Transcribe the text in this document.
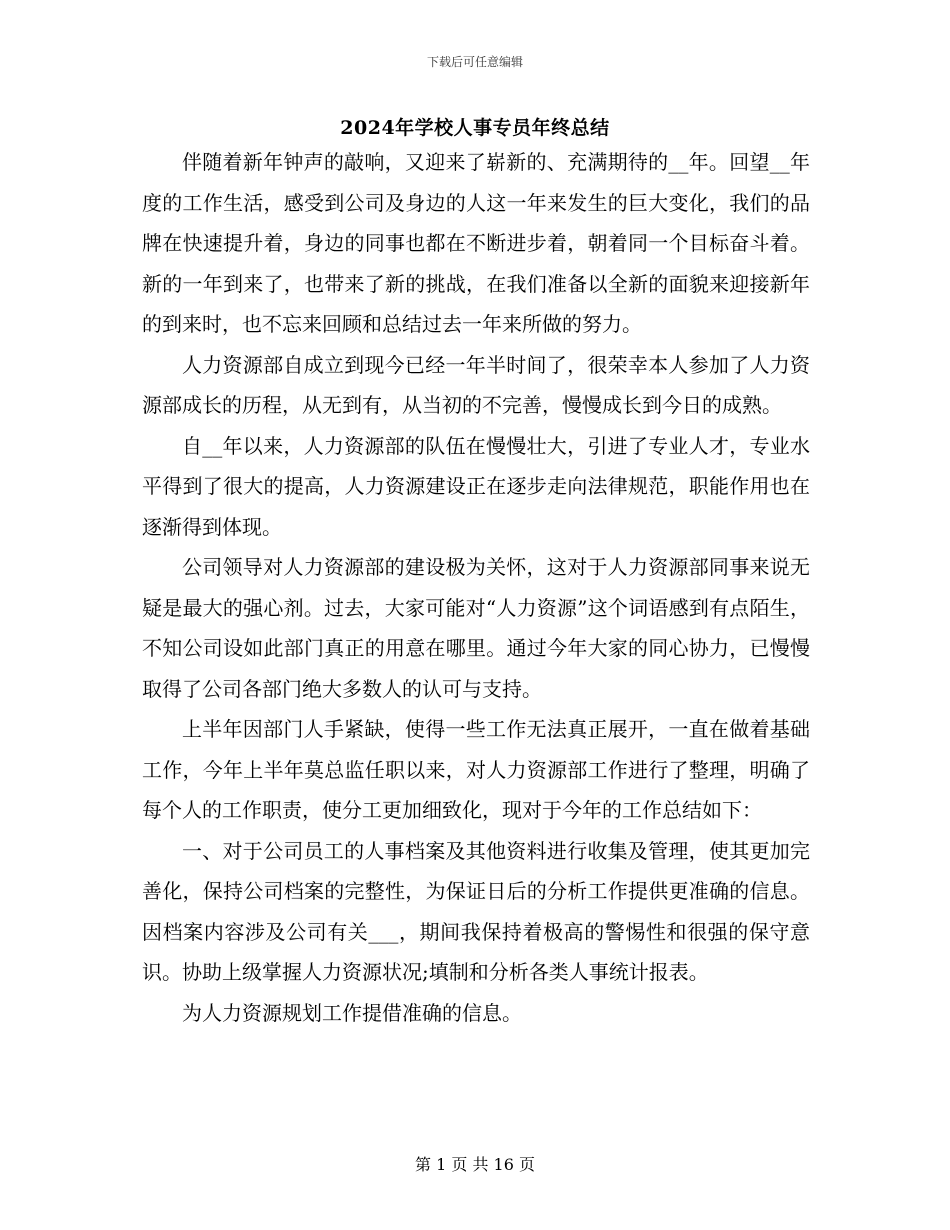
下载后可任意编辑
2024年学校人事专员年终总结

伴随着新年钟声的敲响，又迎来了崭新的、充满期待的__年。回望__年度的工作生活，感受到公司及身边的人这一年来发生的巨大变化，我们的品牌在快速提升着，身边的同事也都在不断进步着，朝着同一个目标奋斗着。新的一年到来了，也带来了新的挑战，在我们准备以全新的面貌来迎接新年的到来时，也不忘来回顾和总结过去一年来所做的努力。

人力资源部自成立到现今已经一年半时间了，很荣幸本人参加了人力资源部成长的历程，从无到有，从当初的不完善，慢慢成长到今日的成熟。

自__年以来，人力资源部的队伍在慢慢壮大，引进了专业人才，专业水平得到了很大的提高，人力资源建设正在逐步走向法律规范，职能作用也在逐渐得到体现。

公司领导对人力资源部的建设极为关怀，这对于人力资源部同事来说无疑是最大的强心剂。过去，大家可能对“人力资源”这个词语感到有点陌生，不知公司设如此部门真正的用意在哪里。通过今年大家的同心协力，已慢慢取得了公司各部门绝大多数人的认可与支持。

上半年因部门人手紧缺，使得一些工作无法真正展开，一直在做着基础工作，今年上半年莫总监任职以来，对人力资源部工作进行了整理，明确了每个人的工作职责，使分工更加细致化，现对于今年的工作总结如下：

一、对于公司员工的人事档案及其他资料进行收集及管理，使其更加完善化，保持公司档案的完整性，为保证日后的分析工作提供更准确的信息。因档案内容涉及公司有关___，期间我保持着极高的警惕性和很强的保守意识。协助上级掌握人力资源状况;填制和分析各类人事统计报表。

为人力资源规划工作提借准确的信息。

第 1 页 共 16 页
